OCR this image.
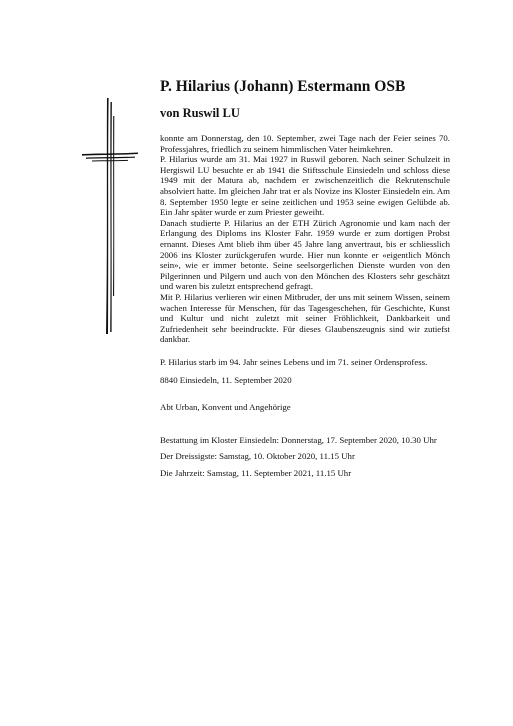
P. Hilarius (Johann) Estermann OSB
von Ruswil LU

konnte am Donnerstag, den 10. September, zwei Tage nach der Feier seines 70. Professjahres, friedlich zu seinem himmlischen Vater heimkehren.

P. Hilarius wurde am 31. Mai 1927 in Ruswil geboren. Nach seiner Schulzeit in Hergiswil LU besuchte er ab 1941 die Stiftsschule Einsiedeln und schloss diese 1949 mit der Matura ab, nachdem er zwischenzeitlich die Rekrutenschule absolviert hatte. Im gleichen Jahr trat er als Novize ins Kloster Einsiedeln ein. Am 8. September 1950 legte er seine zeitlichen und 1953 seine ewigen Gelübde ab. Ein Jahr später wurde er zum Priester geweiht.

Danach studierte P. Hilarius an der ETH Zürich Agronomie und kam nach der Erlangung des Diploms ins Kloster Fahr. 1959 wurde er zum dortigen Probst ernannt. Dieses Amt blieb ihm über 45 Jahre lang anvertraut, bis er schliesslich 2006 ins Kloster zurückgerufen wurde. Hier nun konnte er «eigentlich Mönch sein», wie er immer betonte. Seine seelsorgerlichen Dienste wurden von den Pilgerinnen und Pilgern und auch von den Mönchen des Klosters sehr geschätzt und waren bis zuletzt entsprechend gefragt.

Mit P. Hilarius verlieren wir einen Mitbruder, der uns mit seinem Wissen, seinem wachen Interesse für Menschen, für das Tagesgeschehen, für Geschichte, Kunst und Kultur und nicht zuletzt mit seiner Fröhlichkeit, Dankbarkeit und Zufriedenheit sehr beeindruckte. Für dieses Glaubenszeugnis sind wir zutiefst dankbar.

P. Hilarius starb im 94. Jahr seines Lebens und im 71. seiner Ordensprofess.
8840 Einsiedeln, 11. September 2020
Abt Urban, Konvent und Angehörige
Bestattung im Kloster Einsiedeln: Donnerstag, 17. September 2020, 10.30 Uhr
Der Dreissigste: Samstag, 10. Oktober 2020, 11.15 Uhr
Die Jahrzeit: Samstag, 11. September 2021, 11.15 Uhr
